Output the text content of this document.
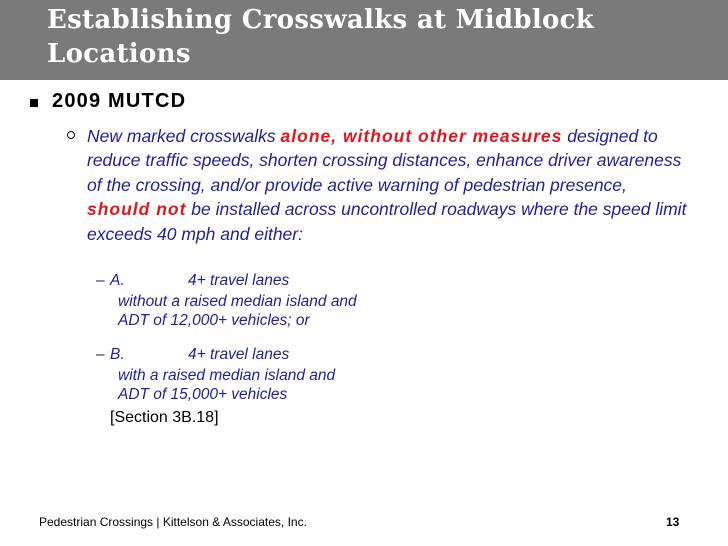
Establishing Crosswalks at Midblock
Locations
2009 MUTCD
New marked crosswalks alone, without other measures designed to reduce traffic speeds, shorten crossing distances, enhance driver awareness of the crossing, and/or provide active warning of pedestrian presence, should not be installed across uncontrolled roadways where the speed limit exceeds 40 mph and either:
– A.	4+ travel lanes
without a raised median island and
ADT of 12,000+ vehicles; or
– B.	4+ travel lanes
with a raised median island and
ADT of 15,000+ vehicles
[Section 3B.18]
Pedestrian Crossings | Kittelson & Associates, Inc.	13
